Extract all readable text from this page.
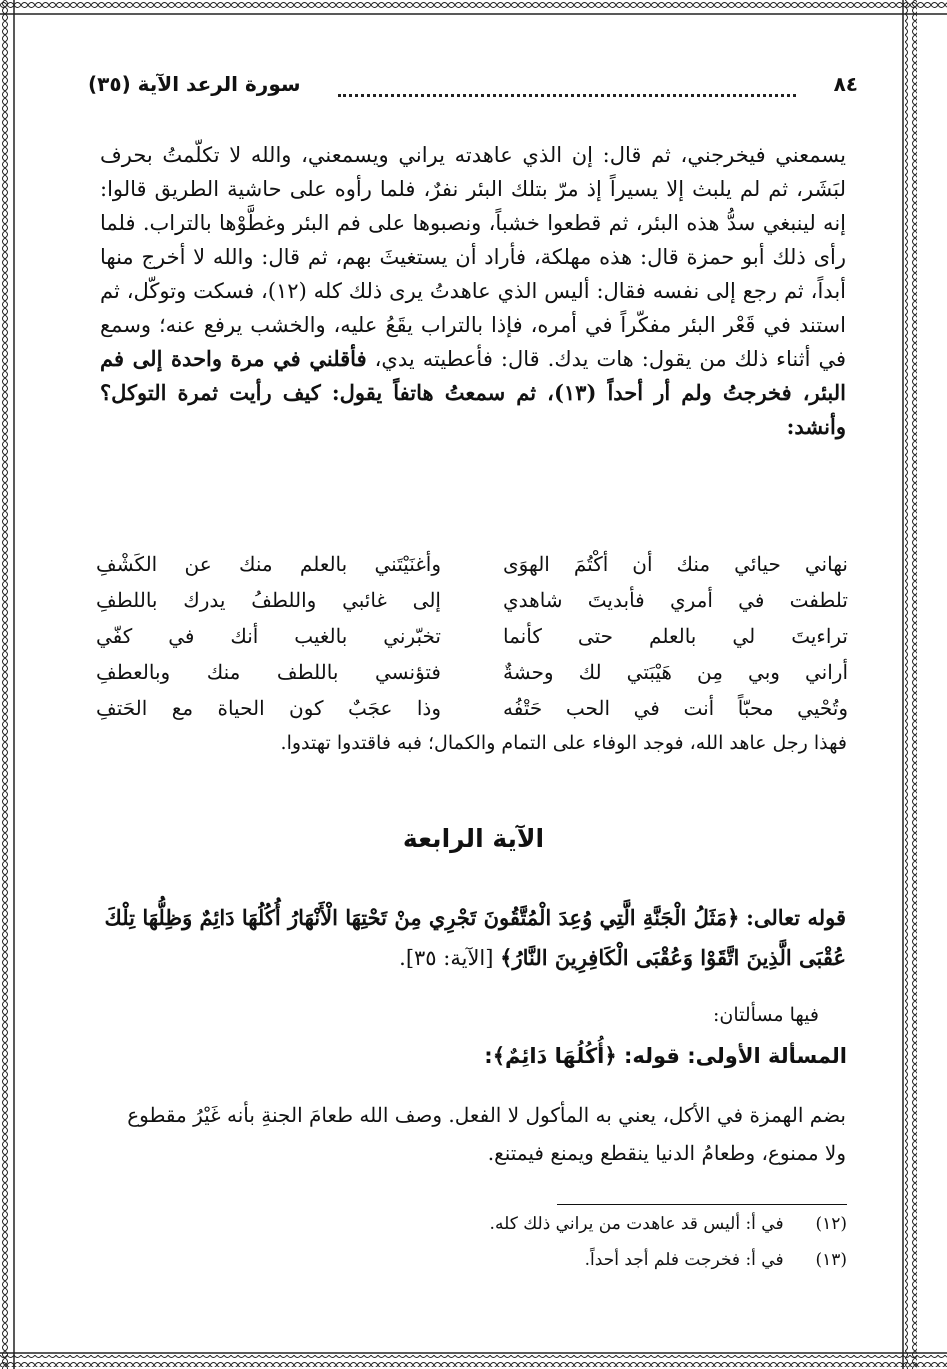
٨٤
سورة الرعد الآية (٣٥)

يسمعني فيخرجني، ثم قال: إن الذي عاهدته يراني ويسمعني، والله لا تكلّمتُ بحرف لبَشَر، ثم لم يلبث إلا يسيراً إذ مرّ بتلك البئر نفرٌ، فلما رأوه على حاشية الطريق قالوا: إنه لينبغي سدُّ هذه البئر، ثم قطعوا خشباً، ونصبوها على فم البئر وغطَّوْها بالتراب. فلما رأى ذلك أبو حمزة قال: هذه مهلكة، فأراد أن يستغيثَ بهم، ثم قال: والله لا أخرج منها أبداً، ثم رجع إلى نفسه فقال: أليس الذي عاهدتُ يرى ذلك كله (١٢)، فسكت وتوكّل، ثم استند في قَعْر البئر مفكّراً في أمره، فإذا بالتراب يقَعُ عليه، والخشب يرفع عنه؛ وسمع في أثناء ذلك من يقول: هات يدك. قال: فأعطيته يدي، فأقلني في مرة واحدة إلى فم البئر، فخرجتُ ولم أر أحداً (١٣)، ثم سمعتُ هاتفاً يقول: كيف رأيت ثمرة التوكل؟ وأنشد:

نهاني حيائي منك أن أكْتُمَ الهوَى
وأغنَيْتَني بالعلم منك عن الكَشْفِ
تلطفت في أمري فأبديتَ شاهدي
إلى غائبي واللطفُ يدرك باللطفِ
تراءيتَ لي بالعلم حتى كأنما
تخبّرني بالغيب أنك في كفّي
أراني وبي مِن هَيْبَتي لك وحشةٌ
فتؤنسي باللطف منك وبالعطفِ
وتُحْيي محبّاً أنت في الحب حَتْفُه
وذا عجَبٌ كون الحياة مع الحَتفِ
فهذا رجل عاهد الله، فوجد الوفاء على التمام والكمال؛ فبه فاقتدوا تهتدوا.
الآية الرابعة
قوله تعالى: ﴿مَثَلُ الْجَنَّةِ الَّتِي وُعِدَ الْمُتَّقُونَ تَجْرِي مِنْ تَحْتِهَا الْأَنْهَارُ أُكُلُهَا دَائِمٌ وَظِلُّهَا تِلْكَ عُقْبَى الَّذِينَ اتَّقَوْا وَعُقْبَى الْكَافِرِينَ النَّارُ﴾ [الآية: ٣٥].
فيها مسألتان:
المسألة الأولى: قوله: ﴿أُكُلُهَا دَائِمٌ﴾:
بضم الهمزة في الأكل، يعني به المأكول لا الفعل. وصف الله طعامَ الجنةِ بأنه غَيْرُ مقطوع ولا ممنوع، وطعامُ الدنيا ينقطع ويمنع فيمتنع.
(١٢) في أ: أليس قد عاهدت من يراني ذلك كله.
(١٣) في أ: فخرجت فلم أجد أحداً.
